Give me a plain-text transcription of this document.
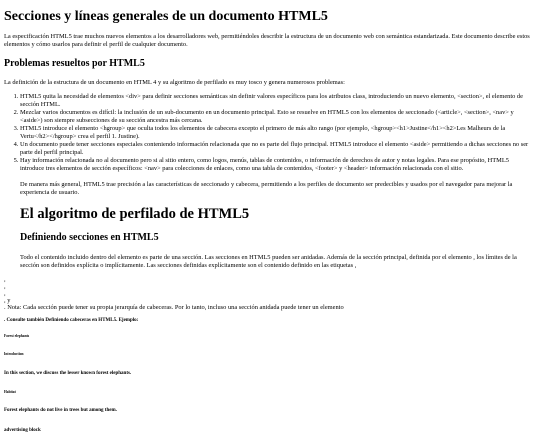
Secciones y líneas generales de un documento HTML5

La especificación HTML5 trae muchos nuevos elementos a los desarrolladores web, permitiéndoles describir la estructura de un documento web con semántica estandarizada. Este documento describe estos elementos y cómo usarlos para definir el perfil de cualquier documento.

Problemas resueltos por HTML5

La definición de la estructura de un documento en HTML 4 y su algoritmo de perfilado es muy tosco y genera numerosos problemas:

1. HTML5 quita la necesidad de elementos <div> para definir secciones semánticas sin definir valores específicos para los atributos class, introduciendo un nuevo elemento, <section>, el elemento de sección HTML.
2. Mezclar varios documentos es difícil: la inclusión de un sub-documento en un documento principal. Esto se resuelve en HTML5 con los elementos de seccionado (<article>, <section>, <nav> y <aside>) son siempre subsecciones de su sección ancestra más cercana.
3. HTML5 introduce el elemento <hgroup> que oculta todos los elementos de cabecera excepto el primero de más alto rango (por ejemplo, <hgroup><h1>Justine</h1><h2>Les Malheurs de la Vertu</h2></hgroup> crea el perfil 1. Justine).
4. Un documento puede tener secciones especiales conteniendo información relacionada que no es parte del flujo principal. HTML5 introduce el elemento <aside> permitiendo a dichas secciones no ser parte del perfil principal.
5. Hay información relacionada no al documento pero si al sitio entero, como logos, menús, tablas de contenidos, o información de derechos de autor y notas legales. Para ese propósito, HTML5 introduce tres elementos de sección específicos: <nav> para colecciones de enlaces, como una tabla de contenidos, <footer> y <header> información relacionada con el sitio.

De manera más general, HTML5 trae precisión a las características de seccionado y cabecera, permitiendo a los perfiles de documento ser predecibles y usados por el navegador para mejorar la experiencia de usuario.

El algoritmo de perfilado de HTML5
Definiendo secciones en HTML5

Todo el contenido incluido dentro del elemento es parte de una sección. Las secciones en HTML5 pueden ser anidadas. Además de la sección principal, definida por el elemento , los límites de la sección son definidos explícita o implícitamente. Las secciones definidas explícitamente son el contenido definido en las etiquetas ,

,
,
,
, y

. Nota: Cada sección puede tener su propia jerarquía de cabeceras. Por lo tanto, incluso una sección anidada puede tener un elemento

. Consulte también Definiendo cabeceras en HTML5. Ejemplo:
Forest elephants
Introduction
In this section, we discuss the lesser known forest elephants.
Habitat
Forest elephants do not live in trees but among them.
advertising block
